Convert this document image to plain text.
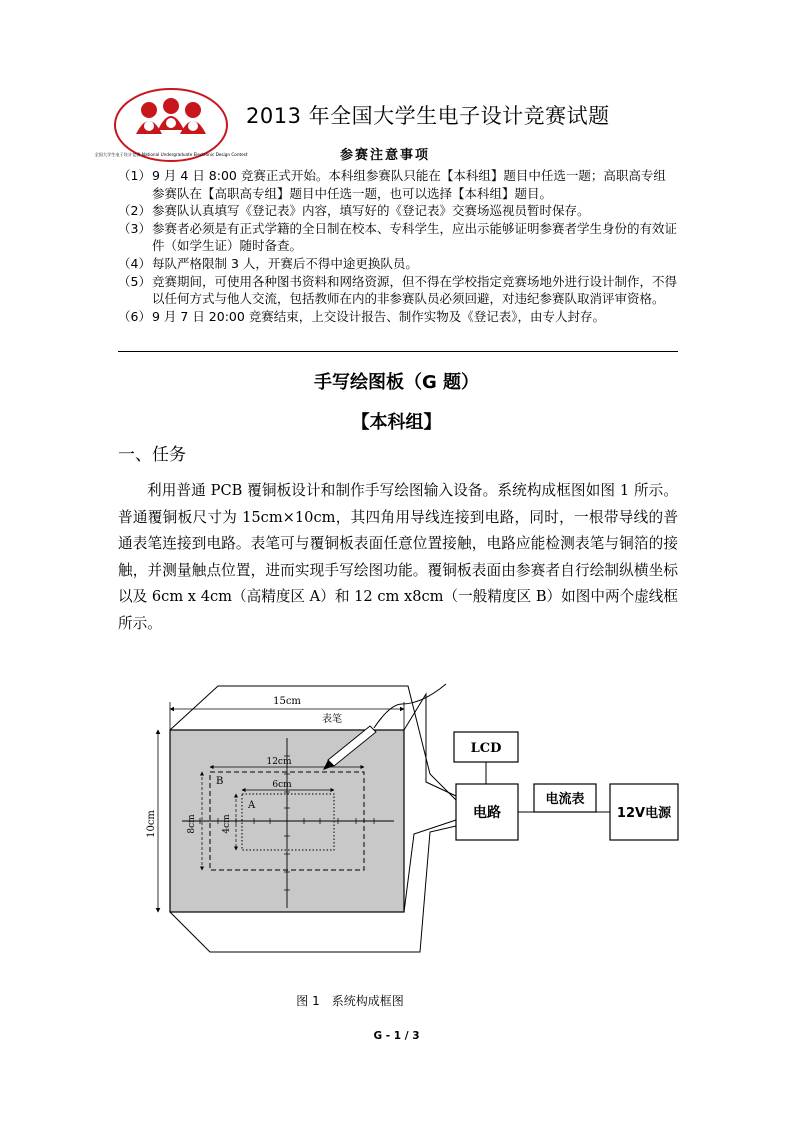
全国大学生电子设计竞赛 National Undergraduate Electronic Design Contest
2013 年全国大学生电子设计竞赛试题
参赛注意事项
（1） 9 月 4 日 8:00 竞赛正式开始。本科组参赛队只能在【本科组】题目中任选一题；高职高专组参赛队在【高职高专组】题目中任选一题，也可以选择【本科组】题目。
（2） 参赛队认真填写《登记表》内容，填写好的《登记表》交赛场巡视员暂时保存。
（3） 参赛者必须是有正式学籍的全日制在校本、专科学生，应出示能够证明参赛者学生身份的有效证件（如学生证）随时备查。
（4） 每队严格限制 3 人，开赛后不得中途更换队员。
（5） 竞赛期间，可使用各种图书资料和网络资源，但不得在学校指定竞赛场地外进行设计制作，不得以任何方式与他人交流，包括教师在内的非参赛队员必须回避，对违纪参赛队取消评审资格。
（6） 9 月 7 日 20:00 竞赛结束，上交设计报告、制作实物及《登记表》，由专人封存。
手写绘图板（G 题）
【本科组】
一、任务
利用普通 PCB 覆铜板设计和制作手写绘图输入设备。系统构成框图如图 1 所示。普通覆铜板尺寸为 15cm×10cm，其四角用导线连接到电路，同时，一根带导线的普通表笔连接到电路。表笔可与覆铜板表面任意位置接触，电路应能检测表笔与铜箔的接触，并测量触点位置，进而实现手写绘图功能。覆铜板表面由参赛者自行绘制纵横坐标以及 6cm x 4cm（高精度区 A）和 12 cm x8cm（一般精度区 B）如图中两个虚线框所示。
15cm
10cm
12cm
8cm
B	6cm
4cm
A
表笔
LCD
电路
电流表
12V电源
图 1　系统构成框图
G - 1 / 3
